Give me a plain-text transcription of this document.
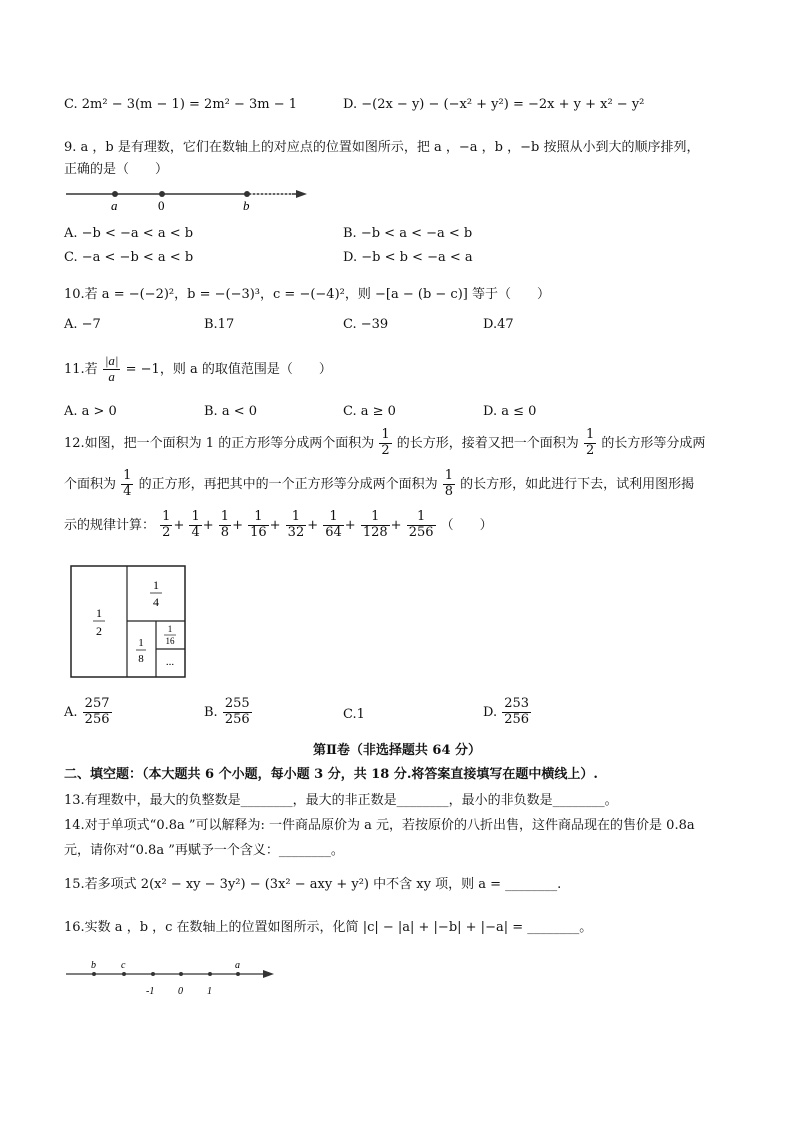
C. 2m² − 3(m − 1) = 2m² − 3m − 1	D. −(2x − y) − (−x² + y²) = −2x + y + x² − y²
9. a ，b 是有理数，它们在数轴上的对应点的位置如图所示，把 a ，−a ，b ，−b 按照从小到大的顺序排列，
正确的是（　　）
a	0	b
A. −b < −a < a < b	B. −b < a < −a < b
C. −a < −b < a < b	D. −b < b < −a < a
10.若 a = −(−2)²，b = −(−3)³，c = −(−4)²，则 −[a − (b − c)] 等于（　　）
A. −7	B.17	C. −39	D.47
11.若 $\frac{|a|}{a} = -1$，则 a 的取值范围是（　　）
A. a > 0	B. a < 0	C. a ≥ 0	D. a ≤ 0
12.如图，把一个面积为 1 的正方形等分成两个面积为 $\frac{1}{2}$ 的长方形，接着又把一个面积为 $\frac{1}{2}$ 的长方形等分成两
个面积为 $\frac{1}{4}$ 的正方形，再把其中的一个正方形等分成两个面积为 $\frac{1}{8}$ 的长方形，如此进行下去，试利用图形揭
示的规律计算： $\frac{1}{2} + \frac{1}{4} + \frac{1}{8} + \frac{1}{16} + \frac{1}{32} + \frac{1}{64} + \frac{1}{128} + \frac{1}{256}$ （　　）
1
2
1
4
1
8
1
16
...
A. $\frac{257}{256}$	B. $\frac{255}{256}$	C.1	D. $\frac{253}{256}$
第Ⅱ卷（非选择题共 64 分）
二、填空题：（本大题共 6 个小题，每小题 3 分，共 18 分.将答案直接填写在题中横线上）.
13.有理数中，最大的负整数是________，最大的非正数是________，最小的非负数是________。
14.对于单项式“0.8a ”可以解释为: 一件商品原价为 a 元，若按原价的八折出售，这件商品现在的售价是 0.8a
元，请你对“0.8a ”再赋予一个含义：________。
15.若多项式 2(x² − xy − 3y²) − (3x² − axy + y²) 中不含 xy 项，则 a = ________.
16.实数 a ，b ，c 在数轴上的位置如图所示，化简 |c| − |a| + |−b| + |−a| = ________。
b	c	a
-1 0 1
